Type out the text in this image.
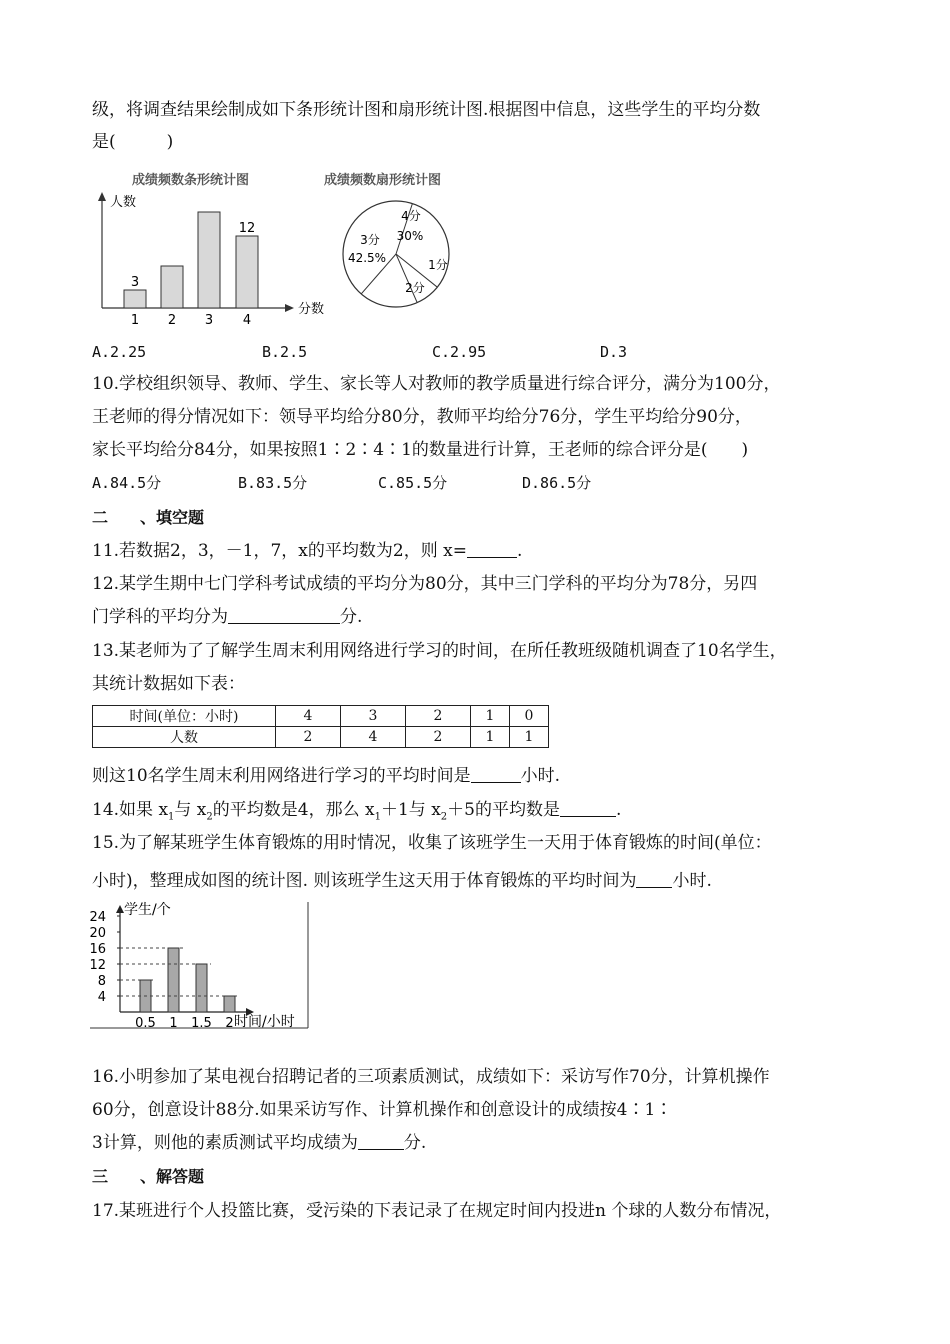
级，将调查结果绘制成如下条形统计图和扇形统计图.根据图中信息，这些学生的平均分数
是(　　　)
成绩频数条形统计图
人数
分数
3
1 2 3
12
4
成绩频数扇形统计图
4分
30%
1分
2分
3分
42.5%
A.2.25	B.2.5	C.2.95	D.3
10.学校组织领导、教师、学生、家长等人对教师的教学质量进行综合评分，满分为100分，
王老师的得分情况如下：领导平均给分80分，教师平均给分76分，学生平均给分90分，
家长平均给分84分，如果按照1∶2∶4∶1的数量进行计算，王老师的综合评分是(　　)
A.84.5分	B.83.5分	C.85.5分	D.86.5分
二　　、填空题
11.若数据2，3，－1，7，x的平均数为2，则 x=	.
12.某学生期中七门学科考试成绩的平均分为80分，其中三门学科的平均分为78分，另四
门学科的平均分为	分.
13.某老师为了了解学生周末利用网络进行学习的时间，在所任教班级随机调查了10名学生，
其统计数据如下表：
时间(单位：小时)	4	3	2	1	0
人数	2	4	2	1	1
则这10名学生周末利用网络进行学习的平均时间是	小时.
14.如果 $x_1$与 $x_2$的平均数是4，那么 $x_1+1$与 $x_2+5$的平均数是	.
15.为了解某班学生体育锻炼的用时情况，收集了该班学生一天用于体育锻炼的时间(单位：
小时)，整理成如图的统计图. 则该班学生这天用于体育锻炼的平均时间为 小时.
学生/个
时间/小时
4
8
12
16
20
24
0.5 1 1.5 2
16.小明参加了某电视台招聘记者的三项素质测试，成绩如下：采访写作70分，计算机操作
60分，创意设计88分.如果采访写作、计算机操作和创意设计的成绩按4∶1∶
3计算，则他的素质测试平均成绩为	分.
三　　、解答题
17.某班进行个人投篮比赛，受污染的下表记录了在规定时间内投进n 个球的人数分布情况，
